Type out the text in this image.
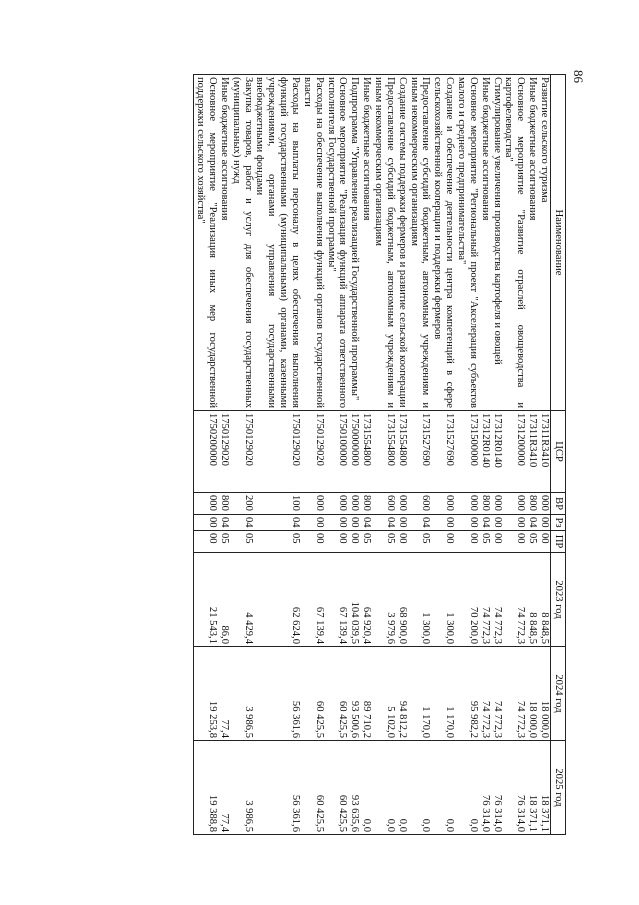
86
Наименование	ЦСР	ВР	Рз	ПР	2023 год	2024 год	2025 год
Развитие сельского туризма	17311R3410	000	00	00	8 848,5	18 000,0	18 371,1
Иные бюджетные ассигнования	17311R3410	800	04	05	8 848,5	18 000,0	18 371,1
Основное мероприятие "Развитие отраслей овощеводства и картофелеводства"	1731200000	000	00	00	74 772,3	74 772,3	76 314,0
Стимулирование увеличения производства картофеля и овощей	17312R0140	000	00	00	74 772,3	74 772,3	76 314,0
Иные бюджетные ассигнования	17312R0140	800	04	05	74 772,3	74 772,3	76 314,0
Основное мероприятие "Региональный проект "Акселерация субъектов малого и среднего предпринимательства"	1731500000	000	00	00	70 200,0	95 982,2	0,0
Создание и обеспечение деятельности центра компетенций в сфере сельскохозяйственной кооперации и поддержки фермеров	1731527690	000	00	00	1 300,0	1 170,0	0,0
Предоставление субсидий бюджетным, автономным учреждениям и иным некоммерческим организациям	1731527690	600	04	05	1 300,0	1 170,0	0,0
Создание системы поддержки фермеров и развитие сельской кооперации	1731554800	000	00	00	68 900,0	94 812,2	0,0
Предоставление субсидий бюджетным, автономным учреждениям и иным некоммерческим организациям	1731554800	600	04	05	3 979,6	5 102,0	0,0
Иные бюджетные ассигнования	1731554800	800	04	05	64 920,4	89 710,2	0,0
Подпрограмма "Управление реализацией Государственной программы"	1750000000	000	00	00	104 039,5	93 500,6	93 635,6
Основное мероприятие "Реализация функций аппарата ответственного исполнителя Государственной программы"	1750100000	000	00	00	67 139,4	60 425,5	60 425,5
Расходы на обеспечение выполнения функций органов государственной власти	1750129020	000	00	00	67 139,4	60 425,5	60 425,5
Расходы на выплаты персоналу в целях обеспечения выполнения функций государственными (муниципальными) органами, казенными учреждениями, органами управления государственными внебюджетными фондами	1750129020	100	04	05	62 624,0	56 361,6	56 361,6
Закупка товаров, работ и услуг для обеспечения государственных (муниципальных) нужд	1750129020	200	04	05	4 429,4	3 986,5	3 986,5
Иные бюджетные ассигнования	1750129020	800	04	05	86,0	77,4	77,4
Основное мероприятие "Реализация иных мер государственной поддержки сельского хозяйства"	1750200000	000	00	00	21 543,1	19 253,8	19 388,8
